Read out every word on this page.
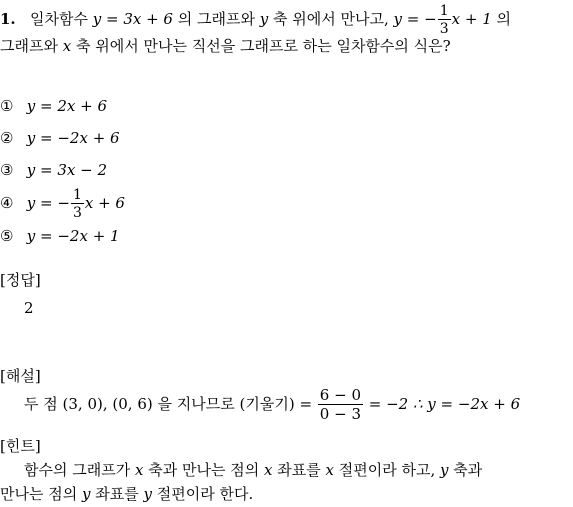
1. 일차함수 y = 3x + 6 의 그래프와 y 축 위에서 만나고, y = − $\frac{1}{3}$ x + 1 의
그래프와 x 축 위에서 만나는 직선을 그래프로 하는 일차함수의 식은?
① y = 2x + 6
② y = −2x + 6
③ y = 3x − 2
④ y = − $\frac{1}{3}$ x + 6
⑤ y = −2x + 1
[정답]
2
[해설]
두 점 (3, 0), (0, 6) 을 지나므로 (기울기) = $\frac{6 - 0}{0 - 3} = -2$ ∴ y = −2x + 6
[힌트]
함수의 그래프가 x 축과 만나는 점의 x 좌표를 x 절편이라 하고, y 축과
만나는 점의 y 좌표를 y 절편이라 한다.
